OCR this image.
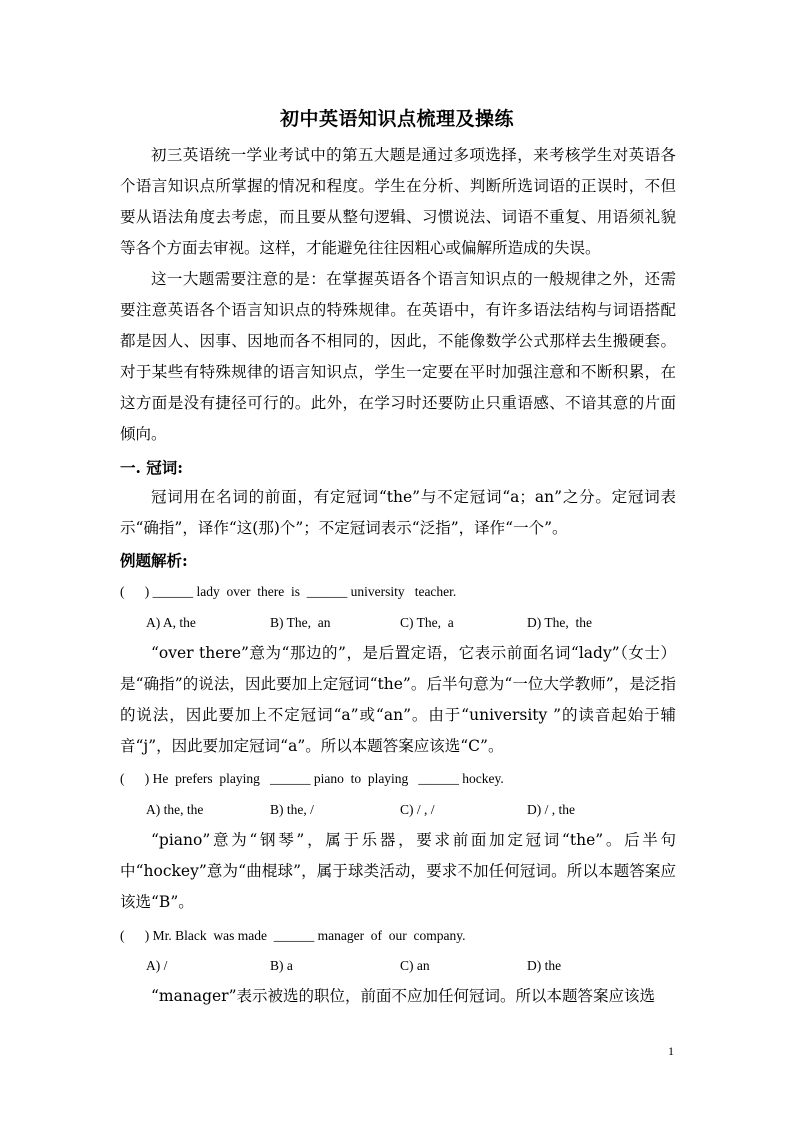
初中英语知识点梳理及操练
初三英语统一学业考试中的第五大题是通过多项选择，来考核学生对英语各个语言知识点所掌握的情况和程度。学生在分析、判断所选词语的正误时，不但要从语法角度去考虑，而且要从整句逻辑、习惯说法、词语不重复、用语须礼貌等各个方面去审视。这样，才能避免往往因粗心或偏解所造成的失误。
这一大题需要注意的是：在掌握英语各个语言知识点的一般规律之外，还需要注意英语各个语言知识点的特殊规律。在英语中，有许多语法结构与词语搭配都是因人、因事、因地而各不相同的，因此，不能像数学公式那样去生搬硬套。对于某些有特殊规律的语言知识点，学生一定要在平时加强注意和不断积累，在这方面是没有捷径可行的。此外，在学习时还要防止只重语感、不谙其意的片面倾向。
一. 冠词:
冠词用在名词的前面，有定冠词“the”与不定冠词“a；an”之分。定冠词表示“确指”，译作“这(那)个”；不定冠词表示“泛指”，译作“一个”。
例题解析:
(      ) ______ lady  over  there  is  ______ university   teacher.
A) A, the	B) The,  an	C) The,  a	D) The,  the
“over there”意为“那边的”，是后置定语，它表示前面名词“lady”（女士）是“确指”的说法，因此要加上定冠词“the”。后半句意为“一位大学教师”，是泛指的说法，因此要加上不定冠词“a”或“an”。由于“university ”的读音起始于辅音“j”，因此要加定冠词“a”。所以本题答案应该选“C”。
(      ) He  prefers  playing   ______ piano  to  playing   ______ hockey.
A) the, the	B) the, /	C) / , /	D) / , the
“piano”意为“钢琴”，属于乐器，要求前面加定冠词“the”。后半句中“hockey”意为“曲棍球”，属于球类活动，要求不加任何冠词。所以本题答案应该选“B”。
(      ) Mr. Black  was made  ______ manager  of  our  company.
A) /	B) a	C) an	D) the
“manager”表示被选的职位，前面不应加任何冠词。所以本题答案应该选
1
